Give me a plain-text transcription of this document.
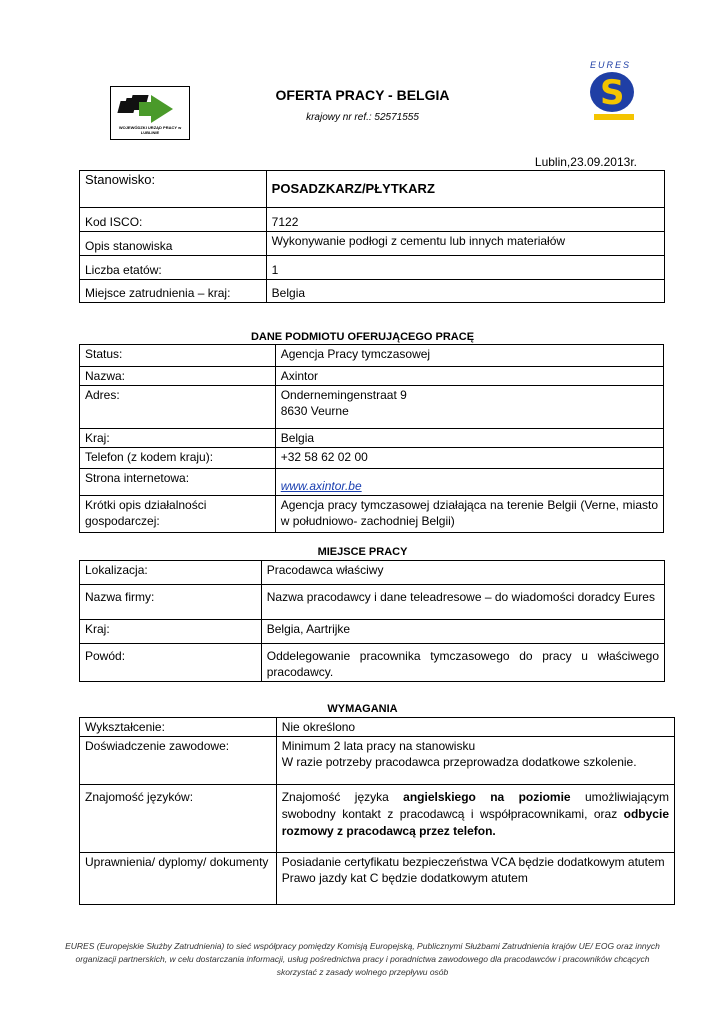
WOJEWÓDZKI URZĄD PRACY w LUBLINIE
OFERTA PRACY - BELGIA
krajowy nr ref.: 52571555
EURES
S
Lublin,23.09.2013r.
Stanowisko:	POSADZKARZ/PŁYTKARZ
Kod ISCO:	7122
Opis stanowiska	Wykonywanie podłogi z cementu lub innych materiałów
Liczba etatów:	1
Miejsce zatrudnienia – kraj:	Belgia
DANE PODMIOTU OFERUJĄCEGO PRACĘ
Status:	Agencja Pracy tymczasowej
Nazwa:	Axintor
Adres:	Ondernemingenstraat 9
8630 Veurne

Kraj:	Belgia
Telefon (z kodem kraju):	+32 58 62 02 00
Strona internetowa:	www.axintor.be
Krótki opis działalności gospodarczej:	Agencja pracy tymczasowej działająca na terenie Belgii (Verne, miasto w południowo- zachodniej Belgii)
MIEJSCE PRACY
Lokalizacja:	Pracodawca właściwy
Nazwa firmy:	Nazwa pracodawcy i dane teleadresowe – do wiadomości doradcy Eures
Kraj:	Belgia, Aartrijke
Powód:	Oddelegowanie pracownika tymczasowego do pracy u właściwego pracodawcy.
WYMAGANIA
Wykształcenie:	Nie określono
Doświadczenie zawodowe:	Minimum 2 lata pracy na stanowisku
W razie potrzeby pracodawca przeprowadza dodatkowe szkolenie.

Znajomość języków:	Znajomość języka angielskiego na poziomie umożliwiającym swobodny kontakt z pracodawcą i współpracownikami, oraz odbycie rozmowy z pracodawcą przez telefon.
Uprawnienia/ dyplomy/ dokumenty	Posiadanie certyfikatu bezpieczeństwa VCA będzie dodatkowym atutem
Prawo jazdy kat C będzie dodatkowym atutem
EURES (Europejskie Służby Zatrudnienia) to sieć współpracy pomiędzy Komisją Europejską, Publicznymi Służbami Zatrudnienia krajów UE/ EOG oraz innych organizacji partnerskich, w celu dostarczania informacji, usług pośrednictwa pracy i poradnictwa zawodowego dla pracodawców i pracowników chcących skorzystać z zasady wolnego przepływu osób
